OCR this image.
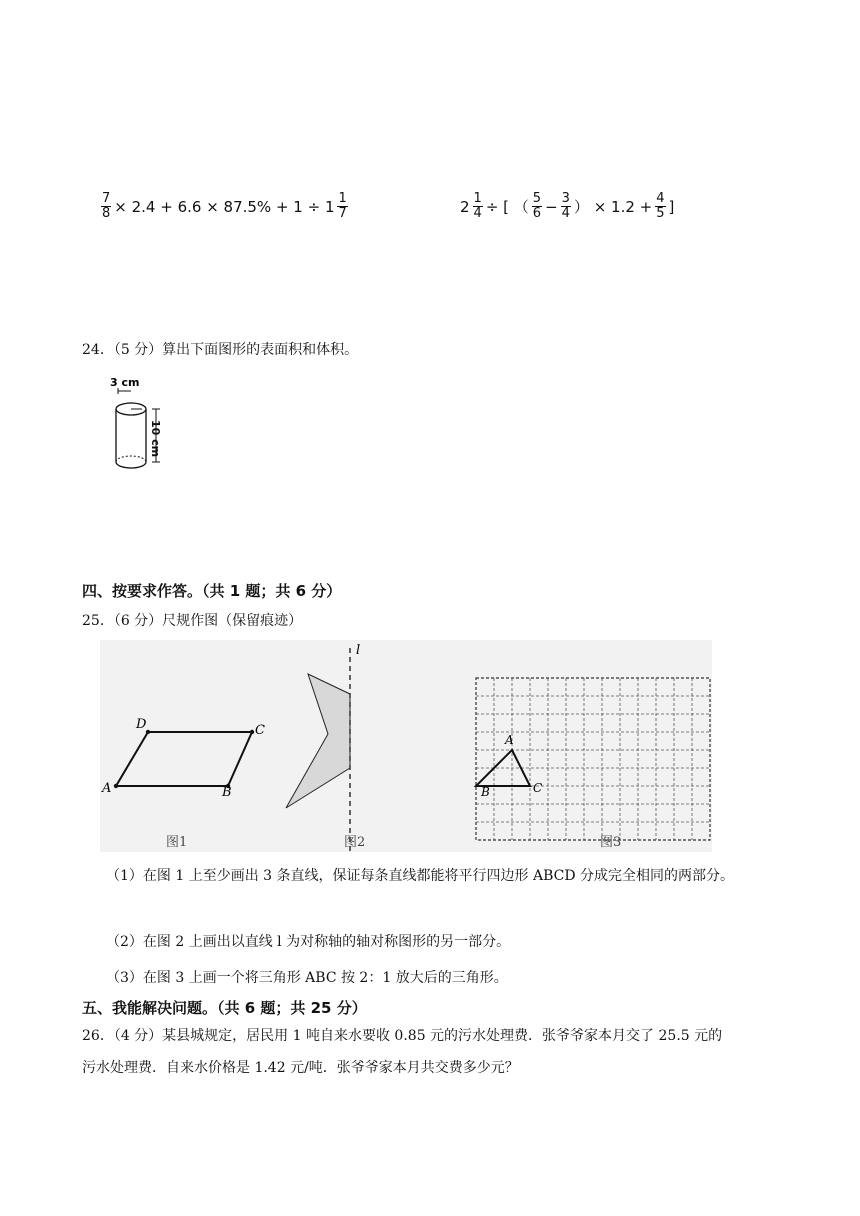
$\frac{7}{8} \times 2.4 + 6.6 \times 87.5\% + 1 \div 1 \frac{1}{7}$	$2 \frac{1}{4}$ ÷ [ （ $\frac{5}{6} - \frac{3}{4}$ ） × $1.2 + \frac{4}{5}$ ]
24．（5 分）算出下面图形的表面积和体积。
3 cm
10 cm
四、按要求作答。（共 1 题；共 6 分）
25．（6 分）尺规作图（保留痕迹）
A	B
C
D
图1
l
图2
A
B	C
图3
（1）在图 1 上至少画出 3 条直线，保证每条直线都能将平行四边形 ABCD 分成完全相同的两部分。
（2）在图 2 上画出以直线 l 为对称轴的轴对称图形的另一部分。
（3）在图 3 上画一个将三角形 ABC 按 2：1 放大后的三角形。
五、我能解决问题。（共 6 题；共 25 分）
26．（4 分）某县城规定，居民用 1 吨自来水要收 0.85 元的污水处理费．张爷爷家本月交了 25.5 元的
污水处理费．自来水价格是 1.42 元/吨．张爷爷家本月共交费多少元？
